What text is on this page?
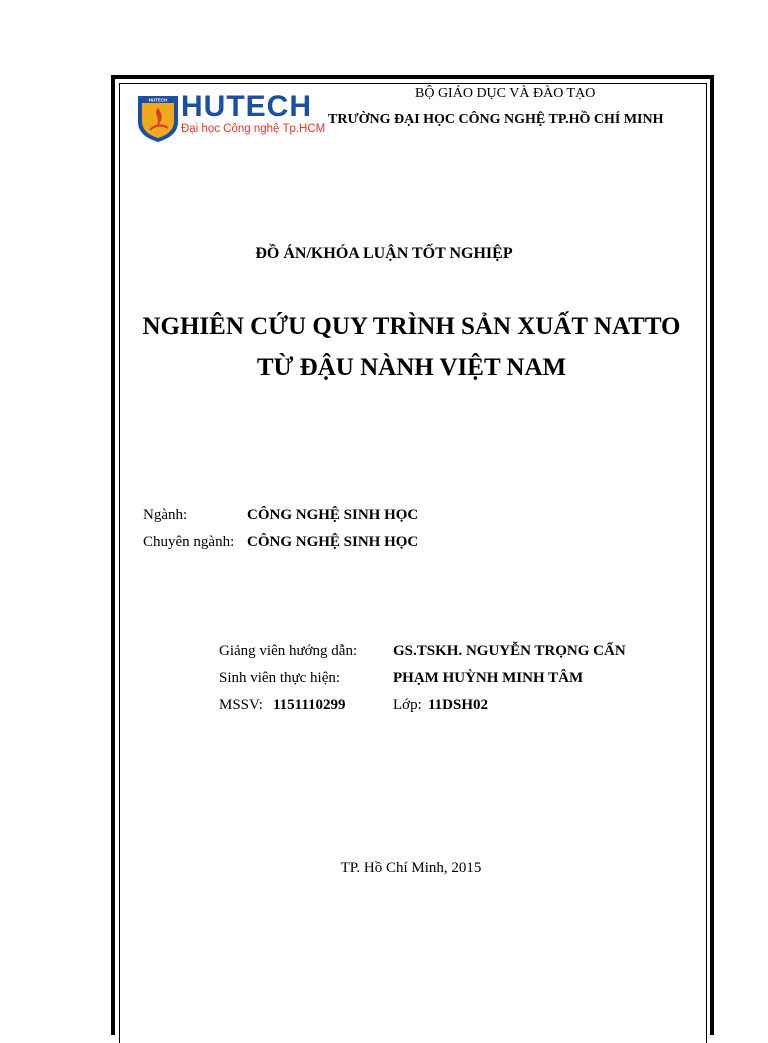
HUTECH HUTECH
Đại học Công nghệ Tp.HCM
BỘ GIÁO DỤC VÀ ĐÀO TẠO
TRƯỜNG ĐẠI HỌC CÔNG NGHỆ TP.HỒ CHÍ MINH
ĐỒ ÁN/KHÓA LUẬN TỐT NGHIỆP
NGHIÊN CỨU QUY TRÌNH SẢN XUẤT NATTO
TỪ ĐẬU NÀNH VIỆT NAM
Ngành:	CÔNG NGHỆ SINH HỌC
Chuyên ngành: CÔNG NGHỆ SINH HỌC
Giảng viên hướng dẫn: GS.TSKH. NGUYỄN TRỌNG CẨN
Sinh viên thực hiện:	PHẠM HUỲNH MINH TÂM
MSSV: 1151110299	Lớp: 11DSH02
TP. Hồ Chí Minh, 2015
